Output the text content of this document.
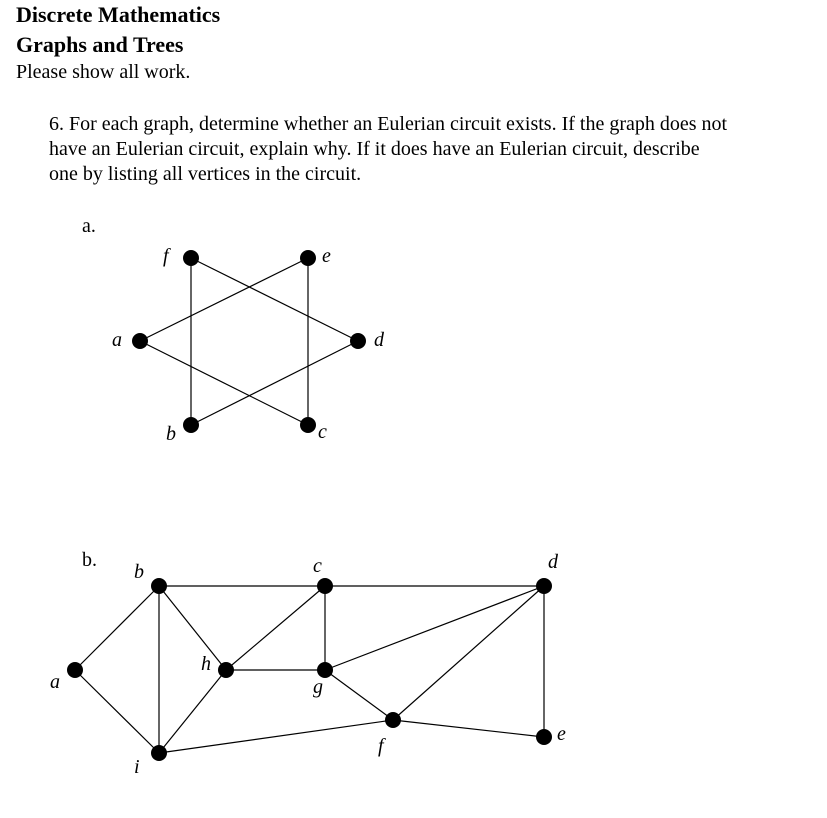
Discrete Mathematics

Graphs and Trees

Please show all work.

6. For each graph, determine whether an Eulerian circuit exists. If the graph does not
have an Eulerian circuit, explain why. If it does have an Eulerian circuit, describe
one by listing all vertices in the circuit.
a.
b.
a
b	c
d
e
f
a
b	c	d
e
f
g
h
i
